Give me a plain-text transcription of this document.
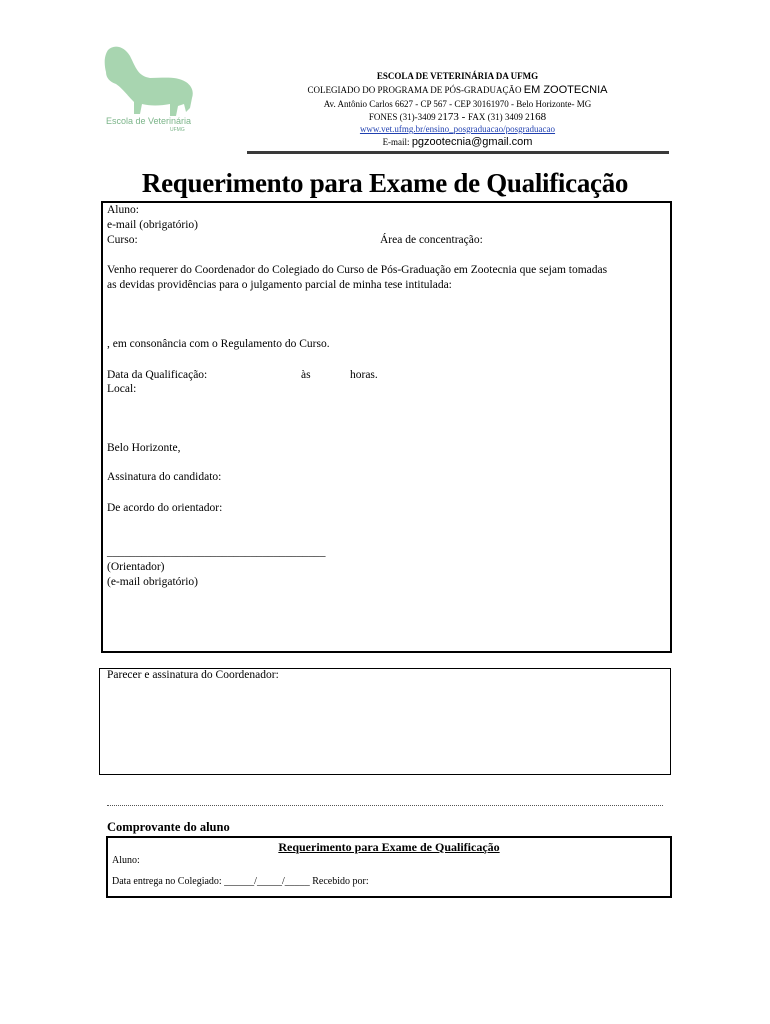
Escola de Veterinária
UFMG
ESCOLA DE VETERINÁRIA DA UFMG
COLEGIADO DO PROGRAMA DE PÓS-GRADUAÇÃO EM ZOOTECNIA
Av. Antônio Carlos 6627 - CP 567 - CEP 30161970 - Belo Horizonte- MG
FONES (31)-3409 2173 - FAX (31) 3409 2168
www.vet.ufmg.br/ensino_posgraduacao/posgraduacao
E-mail: pgzootecnia@gmail.com
Requerimento para Exame de Qualificação
Aluno:
e-mail (obrigatório)
Curso:	Área de concentração:
Venho requerer do Coordenador do Colegiado do Curso de Pós-Graduação em Zootecnia que sejam tomadas
as devidas providências para o julgamento parcial de minha tese intitulada:
, em consonância com o Regulamento do Curso.
Data da Qualificação:	às	horas.
Local:
Belo Horizonte,
Assinatura do candidato:
De acordo do orientador:
______________________________________
(Orientador)
(e-mail obrigatório)
Parecer e assinatura do Coordenador:
Comprovante do aluno
Requerimento para Exame de Qualificação
Aluno:
Data entrega no Colegiado: ______/_____/_____ Recebido por:
